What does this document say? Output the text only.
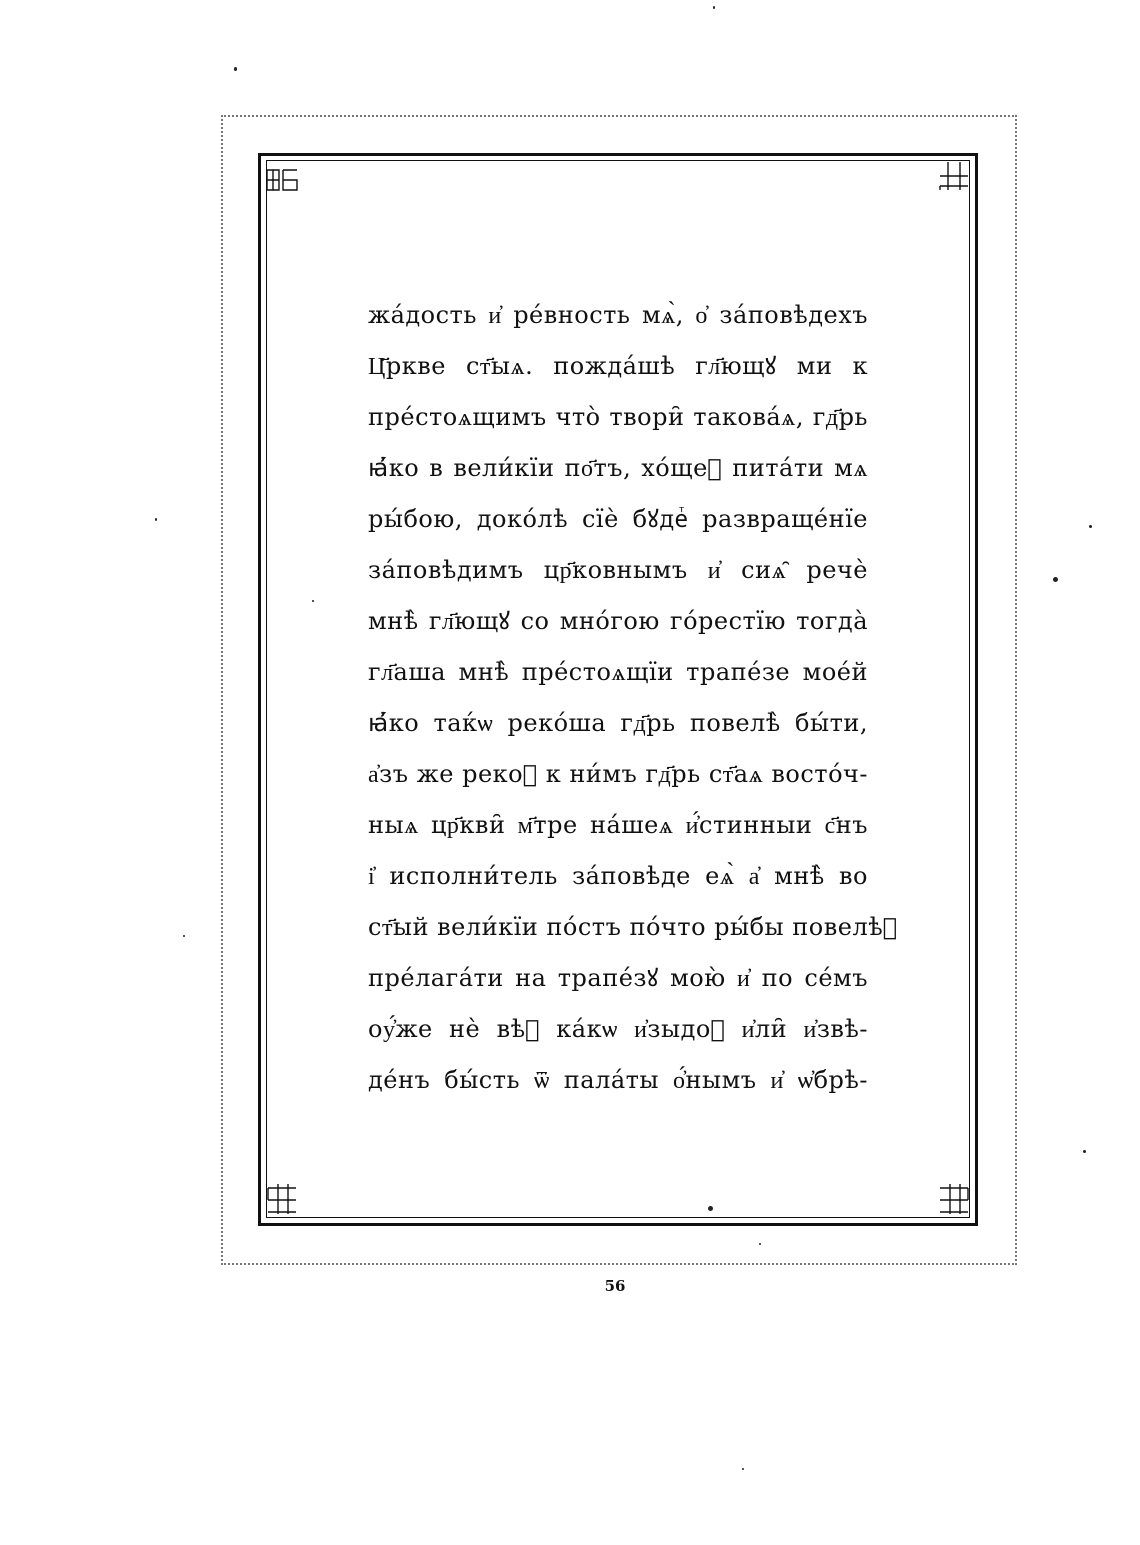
жа́дость и҆ ре́вность мѧ̀, о҆ за́повѣдехъ
Ц҃ркве ст҃ыѧ. пожда́шѣ гл҃ющꙋ ми к
пре́стоѧщимъ что̀ твори̑ такова́ѧ, гд҃рь
ꙗ҆́ко в вели́кїи по҃тъ, хо́щеⷮ пита́ти мѧ
ры́бою, доко́лѣ сїѐ бꙋдеⷮ развраще́нїе
за́повѣдимъ цр҃ковнымъ и҆ сиѧ̑ речѐ
мнѣ̀ гл҃ющꙋ со мно́гою го́рестїю тогда̀
гл҃аша мнѣ̀ пре́стоѧщїи трапе́зе мое́й
ꙗ҆́ко таќѡ реко́ша гд҃рь повелѣ̀ бы́ти,
а҆зъ же рекоⷯ к ни́мъ гд҃рь ст҃аѧ восто́ч-
ныѧ цр҃кви̑ м҃тре на́шеѧ и҆́стинныи с҃нъ
і҆ исполни́тель за́повѣде еѧ̀ а҆ мнѣ̀ во
ст҃ый вели́кїи по́стъ по́что ры́бы повелѣⷯ
пре́лага́ти на трапе́зꙋ мою̀ и҆ по се́мъ
оу҆́же нѐ вѣⷨ ка́кѡ и҆зыдоⷯ и҆ли̑ и҆звѣ-
де́нъ бы́сть ѿ пала́ты о҆́нымъ и҆ ѡ҆брѣ-
56
